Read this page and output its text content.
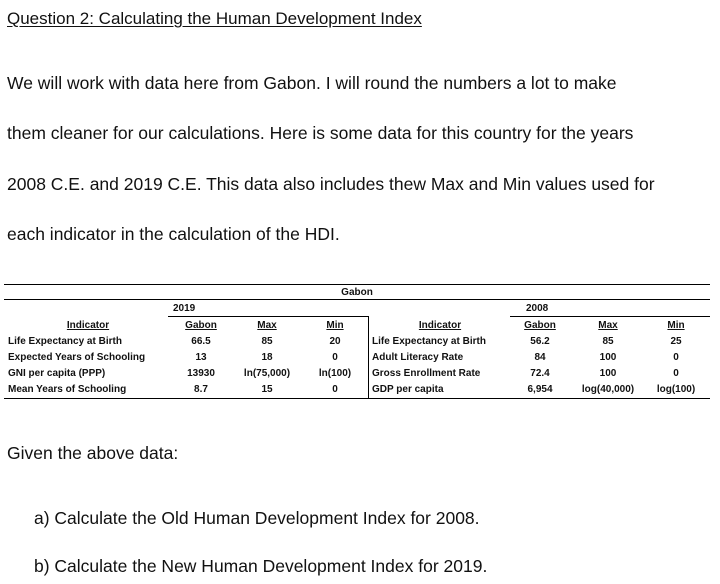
Question 2: Calculating the Human Development Index
We will work with data here from Gabon. I will round the numbers a lot to make
them cleaner for our calculations. Here is some data for this country for the years
2008 C.E. and 2019 C.E. This data also includes thew Max and Min values used for
each indicator in the calculation of the HDI.
Gabon
2019
Indicator	Gabon	Max	Min
Life Expectancy at Birth	66.5	85	20
Expected Years of Schooling	13	18	0
GNI per capita (PPP)	13930	ln(75,000)	ln(100)
Mean Years of Schooling	8.7	15	0
2008
Indicator	Gabon	Max	Min
Life Expectancy at Birth	56.2	85	25
Adult Literacy Rate	84	100	0
Gross Enrollment Rate	72.4	100	0
GDP per capita	6,954	log(40,000) log(100)
Given the above data:
a) Calculate the Old Human Development Index for 2008.
b) Calculate the New Human Development Index for 2019.
